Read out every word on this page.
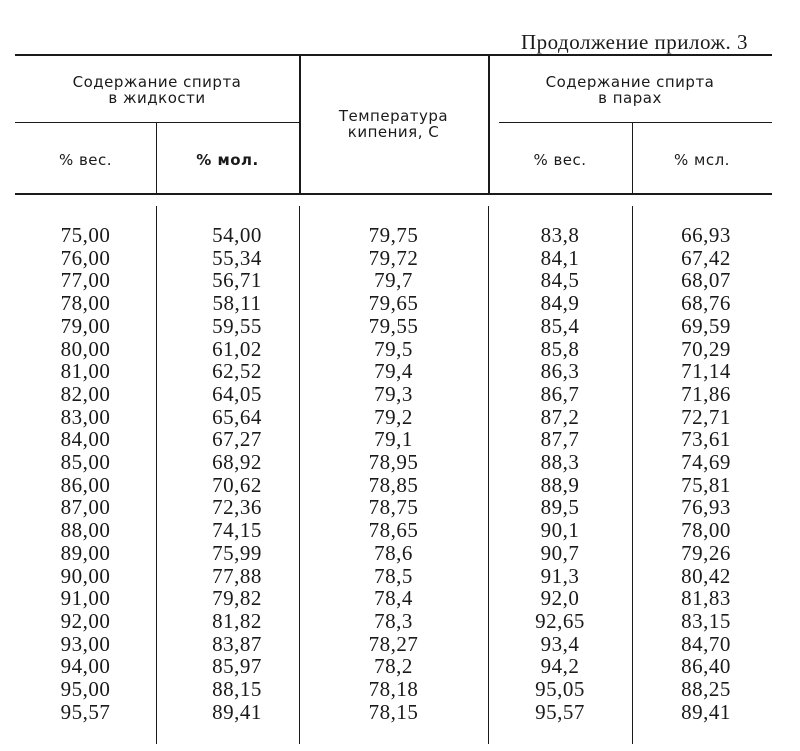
Продолжение прилож. 3
Содержание спирта
в жидкости
% вес.	% мол.
Температура
кипения, С
Содержание спирта
в парах
% вес.	% мсл.
75,00
76,00
77,00
78,00
79,00
80,00
81,00
82,00
83,00
84,00
85,00
86,00
87,00
88,00
89,00
90,00
91,00
92,00
93,00
94,00
95,00
95,57
54,00
55,34
56,71
58,11
59,55
61,02
62,52
64,05
65,64
67,27
68,92
70,62
72,36
74,15
75,99
77,88
79,82
81,82
83,87
85,97
88,15
89,41
79,75
79,72
79,7
79,65
79,55
79,5
79,4
79,3
79,2
79,1
78,95
78,85
78,75
78,65
78,6
78,5
78,4
78,3
78,27
78,2
78,18
78,15
83,8
84,1
84,5
84,9
85,4
85,8
86,3
86,7
87,2
87,7
88,3
88,9
89,5
90,1
90,7
91,3
92,0
92,65
93,4
94,2
95,05
95,57
66,93
67,42
68,07
68,76
69,59
70,29
71,14
71,86
72,71
73,61
74,69
75,81
76,93
78,00
79,26
80,42
81,83
83,15
84,70
86,40
88,25
89,41
